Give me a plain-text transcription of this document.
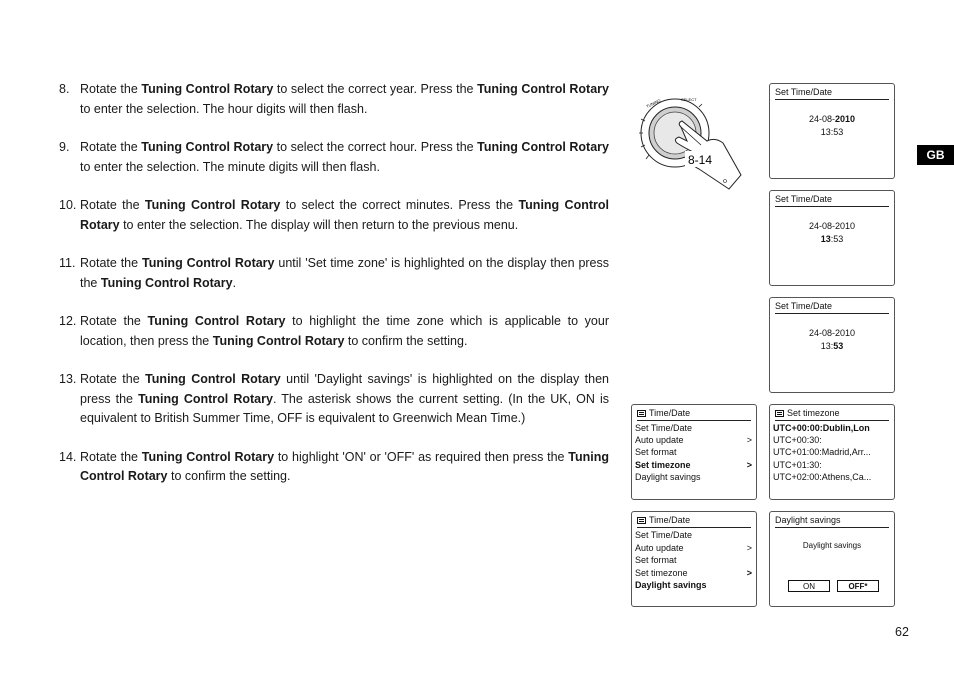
8. Rotate the Tuning Control Rotary to select the correct year. Press the Tuning Control Rotary to enter the selection. The hour digits will then flash.
9. Rotate the Tuning Control Rotary to select the correct hour. Press the Tuning Control Rotary to enter the selection. The minute digits will then flash.
10. Rotate the Tuning Control Rotary to select the correct minutes. Press the Tuning Control Rotary to enter the selection. The display will then return to the previous menu.
11. Rotate the Tuning Control Rotary until 'Set time zone' is highlighted on the display then press the Tuning Control Rotary.
12. Rotate the Tuning Control Rotary to highlight the time zone which is applicable to your location, then press the Tuning Control Rotary to confirm the setting.
13. Rotate the Tuning Control Rotary until 'Daylight savings' is highlighted on the display then press the Tuning Control Rotary. The asterisk shows the current setting. (In the UK, ON is equivalent to British Summer Time, OFF is equivalent to Greenwich Mean Time.)
14. Rotate the Tuning Control Rotary to highlight 'ON' or 'OFF' as required then press the Tuning Control Rotary to confirm the setting.
GB
62
TUNING	SELECT
8-14
Set Time/Date
24-08-2010
13:53
Set Time/Date
24-08-2010
13:53
Set Time/Date
24-08-2010
13:53
Time/Date
Set Time/Date
Auto update	>
Set format
Set timezone	>
Daylight savings
Set timezone
UTC+00:00:Dublin,Lon
UTC+00:30:
UTC+01:00:Madrid,Arr...
UTC+01:30:
UTC+02:00:Athens,Ca...
Time/Date
Set Time/Date
Auto update	>
Set format
Set timezone	>
Daylight savings
Daylight savings
Daylight savings
ON	OFF*
